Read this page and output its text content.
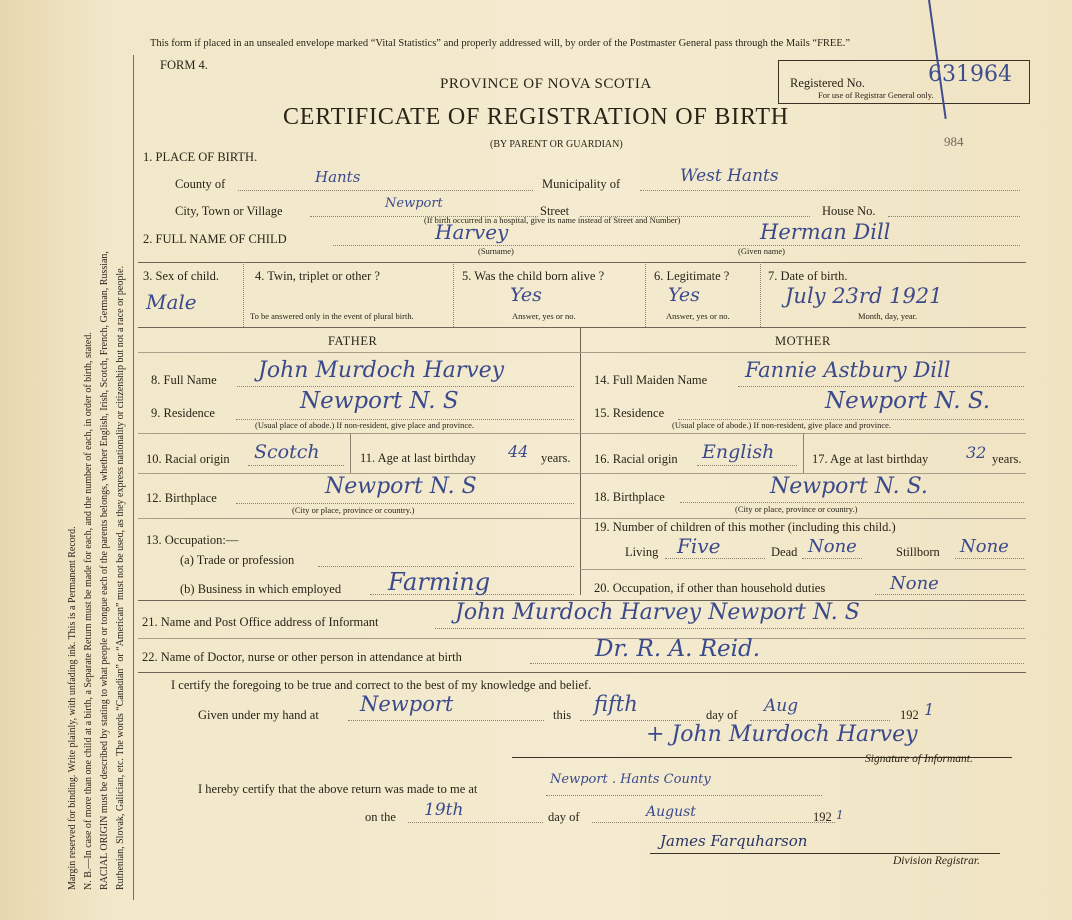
Margin reserved for binding. Write plainly, with unfading ink. This is a Permanent Record. N. B.—In case of more than one child at a birth, a Separate Return must be made for each, and the number of each, in order of birth, stated. RACIAL ORIGIN must be described by stating to what people or tongue each of the parents belongs, whether English, Irish, Scotch, French, German, Russian, Ruthenian, Slovak, Galician, etc. The words “Canadian” or “American” must not be used, as they express nationality or citizenship but not a race or people.
This form if placed in an unsealed envelope marked “Vital Statistics” and properly addressed will, by order of the Postmaster General pass through the Mails “FREE.”
FORM 4.
PROVINCE OF NOVA SCOTIA
CERTIFICATE OF REGISTRATION OF BIRTH
(BY PARENT OR GUARDIAN)
Registered No.	631964
For use of Registrar General only.
984
1. PLACE OF BIRTH.
County of	Hants	Municipality of	West Hants
City, Town or Village	Newport	Street
(If birth occurred in a hospital, give its name instead of Street and Number)
House No.
2. FULL NAME OF CHILD	Harvey
(Surname)
Herman Dill
(Given name)
3. Sex of child.
Male
4. Twin, triplet or other ?
To be answered only in the event of plural birth.
5. Was the child born alive ?
Yes
Answer, yes or no.
6. Legitimate ?
Yes
Answer, yes or no.
7. Date of birth.
July 23rd 1921
Month, day, year.
FATHER	MOTHER
8. Full Name John Murdoch Harvey
9. Residence	Newport N. S
(Usual place of abode.) If non-resident, give place and province.
10. Racial origin Scotch	11. Age at last birthday 44 years.
12. Birthplace	Newport N. S
(City or place, province or country.)
13. Occupation:—
(a) Trade or profession
(b) Business in which employed Farming
14. Full Maiden Name Fannie Astbury Dill
15. Residence	Newport N. S.
(Usual place of abode.) If non-resident, give place and province.
16. Racial origin English	17. Age at last birthday 32 years.
18. Birthplace	Newport N. S.
(City or place, province or country.)
19. Number of children of this mother (including this child.)
Living Five	Dead None	Stillborn None
20. Occupation, if other than household duties	None
21. Name and Post Office address of Informant	John Murdoch Harvey Newport N. S
22. Name of Doctor, nurse or other person in attendance at birth	Dr. R. A. Reid.
I certify the foregoing to be true and correct to the best of my knowledge and belief.
Given under my hand at Newport	this fifth	day of Aug	192 1
+ John Murdoch Harvey
Signature of Informant.
I hereby certify that the above return was made to me at
Newport . Hants County
on the 19th	day of	August	192 1
James Farquharson
Division Registrar.
